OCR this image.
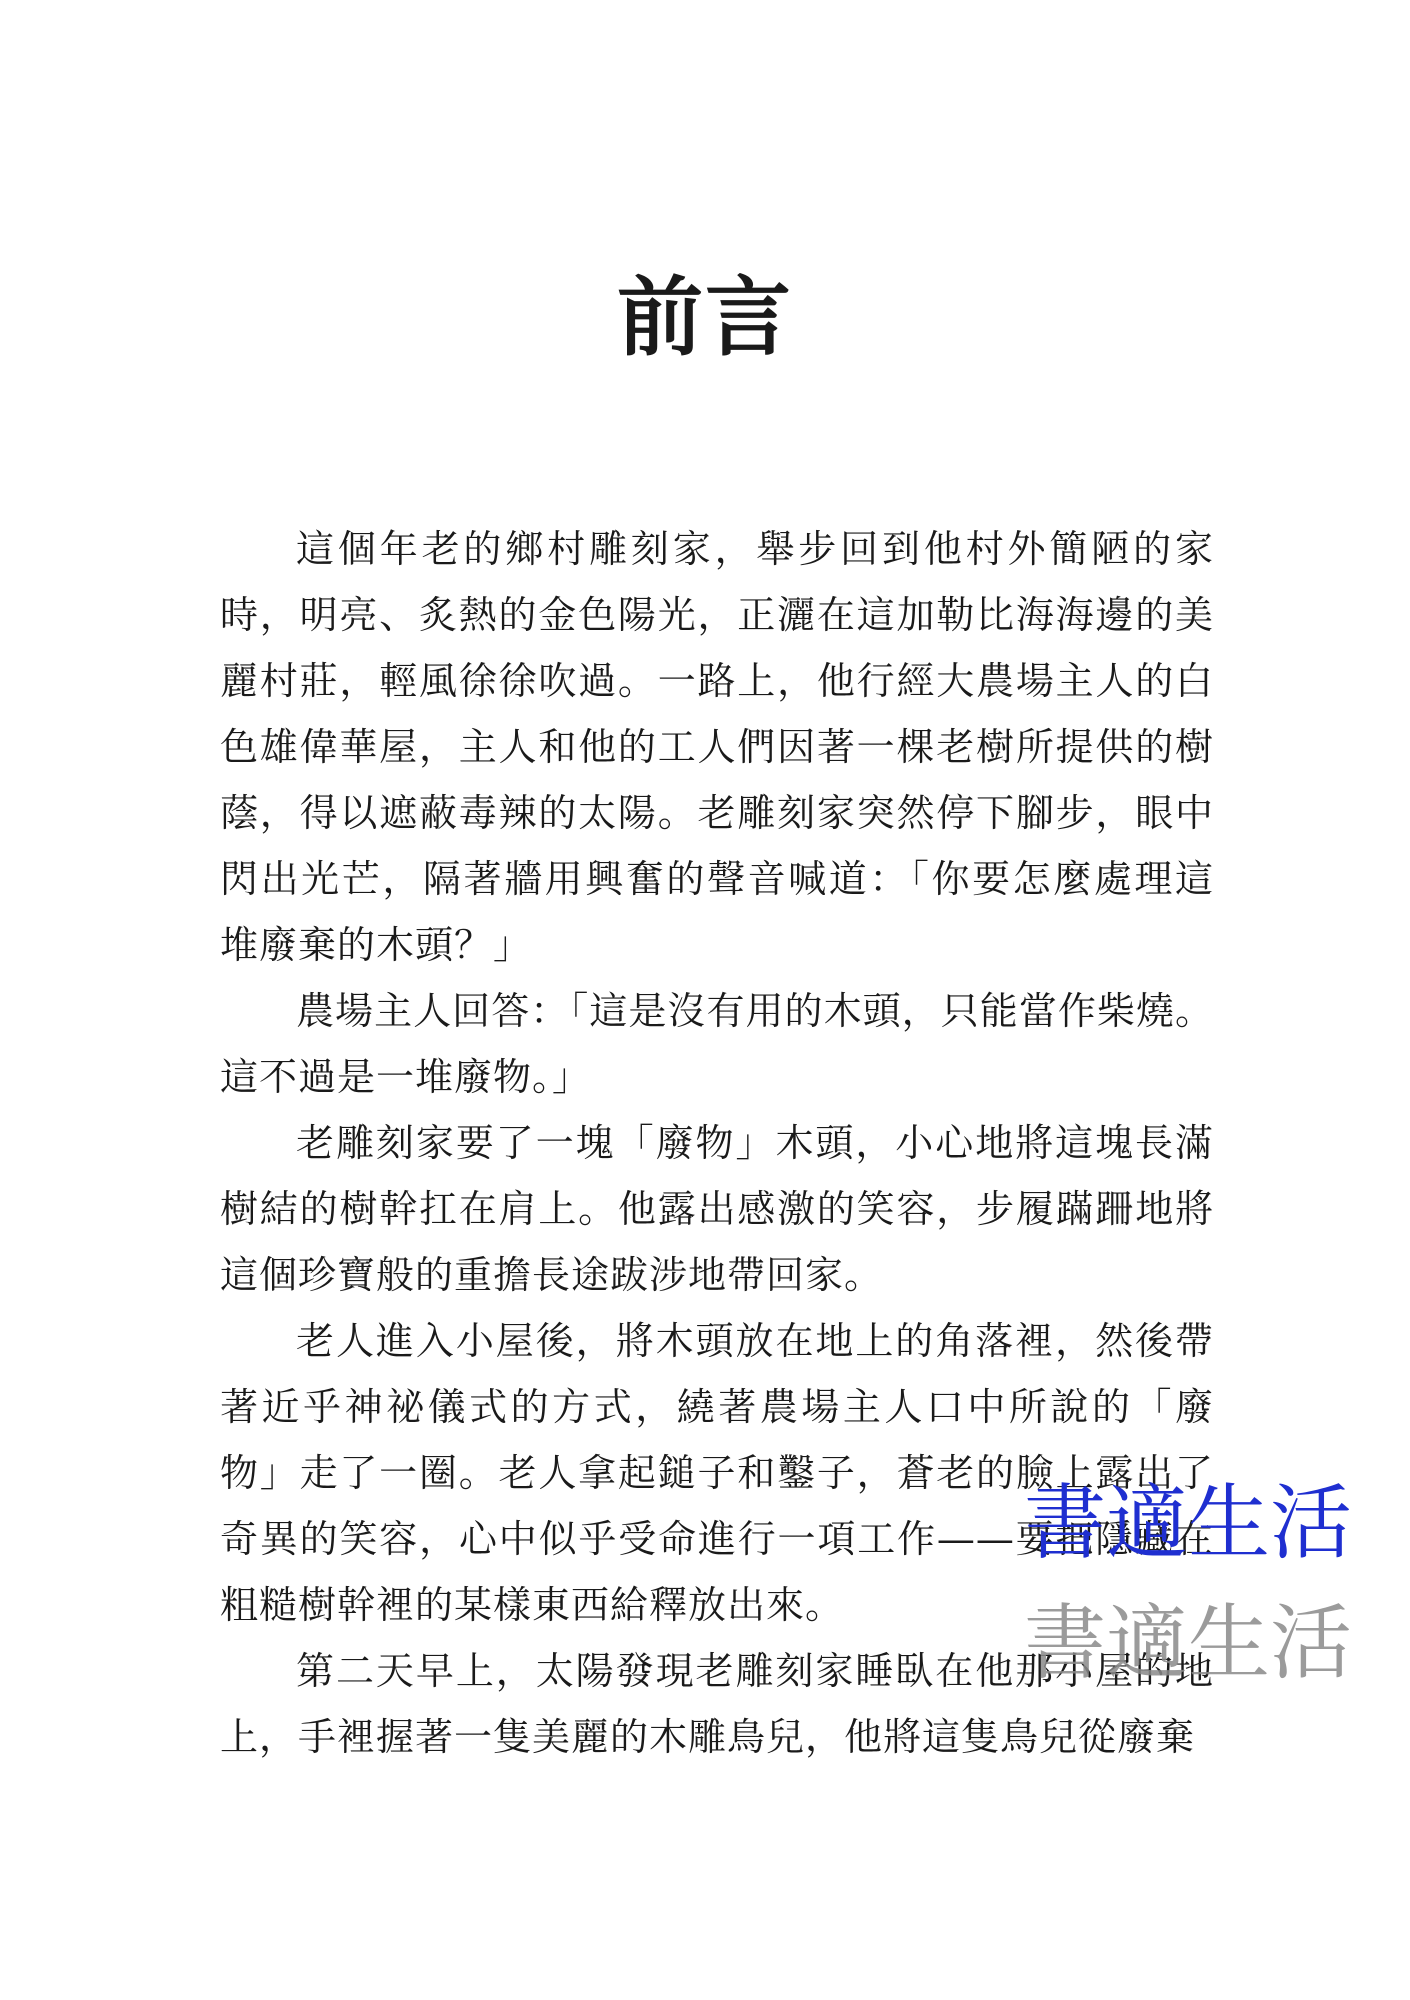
前言

這個年老的鄉村雕刻家，舉步回到他村外簡陋的家時，明亮、炙熱的金色陽光，正灑在這加勒比海海邊的美麗村莊，輕風徐徐吹過。一路上，他行經大農場主人的白色雄偉華屋，主人和他的工人們因著一棵老樹所提供的樹蔭，得以遮蔽毒辣的太陽。老雕刻家突然停下腳步，眼中閃出光芒，隔著牆用興奮的聲音喊道：「你要怎麼處理這堆廢棄的木頭？」

農場主人回答：「這是沒有用的木頭，只能當作柴燒。這不過是一堆廢物。」

老雕刻家要了一塊「廢物」木頭，小心地將這塊長滿樹結的樹幹扛在肩上。他露出感激的笑容，步履蹣跚地將這個珍寶般的重擔長途跋涉地帶回家。

老人進入小屋後，將木頭放在地上的角落裡，然後帶著近乎神祕儀式的方式，繞著農場主人口中所說的「廢物」走了一圈。老人拿起鎚子和鑿子，蒼老的臉上露出了奇異的笑容，心中似乎受命進行一項工作——要把隱藏在粗糙樹幹裡的某樣東西給釋放出來。

第二天早上，太陽發現老雕刻家睡臥在他那小屋的地上，手裡握著一隻美麗的木雕鳥兒，他將這隻鳥兒從廢棄

書適生活
書適生活
